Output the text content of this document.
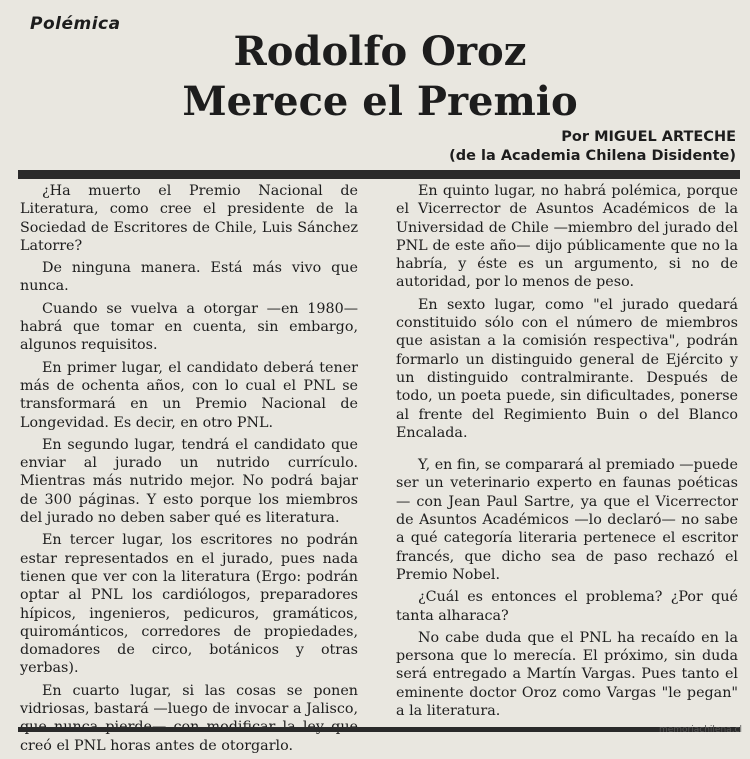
Polémica
Rodolfo Oroz
Merece el Premio
Por MIGUEL ARTECHE
(de la Academia Chilena Disidente)

¿Ha muerto el Premio Nacional de Literatura, como cree el presidente de la Sociedad de Escritores de Chile, Luis Sánchez Latorre?

De ninguna manera. Está más vivo que nunca.

Cuando se vuelva a otorgar —en 1980— habrá que tomar en cuenta, sin embargo, algunos requisitos.

En primer lugar, el candidato deberá tener más de ochenta años, con lo cual el PNL se transformará en un Premio Nacional de Longevidad. Es decir, en otro PNL.

En segundo lugar, tendrá el candidato que enviar al jurado un nutrido currículo. Mientras más nutrido mejor. No podrá bajar de 300 páginas. Y esto porque los miembros del jurado no deben saber qué es literatura.

En tercer lugar, los escritores no podrán estar representados en el jurado, pues nada tienen que ver con la literatura (Ergo: podrán optar al PNL los cardiólogos, preparadores hípicos, ingenieros, pedicuros, gramáticos, quirománticos, corredores de propiedades, domadores de circo, botánicos y otras yerbas).

En cuarto lugar, si las cosas se ponen vidriosas, bastará —luego de invocar a Jalisco, creó el PNL horas antes de otorgarlo.

En quinto lugar, no habrá polémica, porque el Vicerrector de Asuntos Académicos de la Universidad de Chile —miembro del jurado del PNL de este año— dijo públicamente que no la habría, y éste es un argumento, si no de autoridad, por lo menos de peso.

En sexto lugar, como "el jurado quedará constituido sólo con el número de miembros que asistan a la comisión respectiva", podrán formarlo un distinguido general de Ejército y un distinguido contralmirante. Después de todo, un poeta puede, sin dificultades, ponerse al frente del Regimiento Buin o del Blanco Encalada.

Y, en fin, se comparará al premiado —puede ser un veterinario experto en faunas poéticas— con Jean Paul Sartre, ya que el Vicerrector de Asuntos Académicos —lo declaró— no sabe a qué categoría literaria pertenece el escritor francés, que dicho sea de paso rechazó el Premio Nobel.

¿Cuál es entonces el problema? ¿Por qué tanta alharaca?

No cabe duda que el PNL ha recaído en la persona que lo merecía. El próximo, sin duda será entregado a Martín Vargas. Pues tanto el eminente doctor Oroz como Vargas "le pegan" a la literatura.

memoriachilena.cl
